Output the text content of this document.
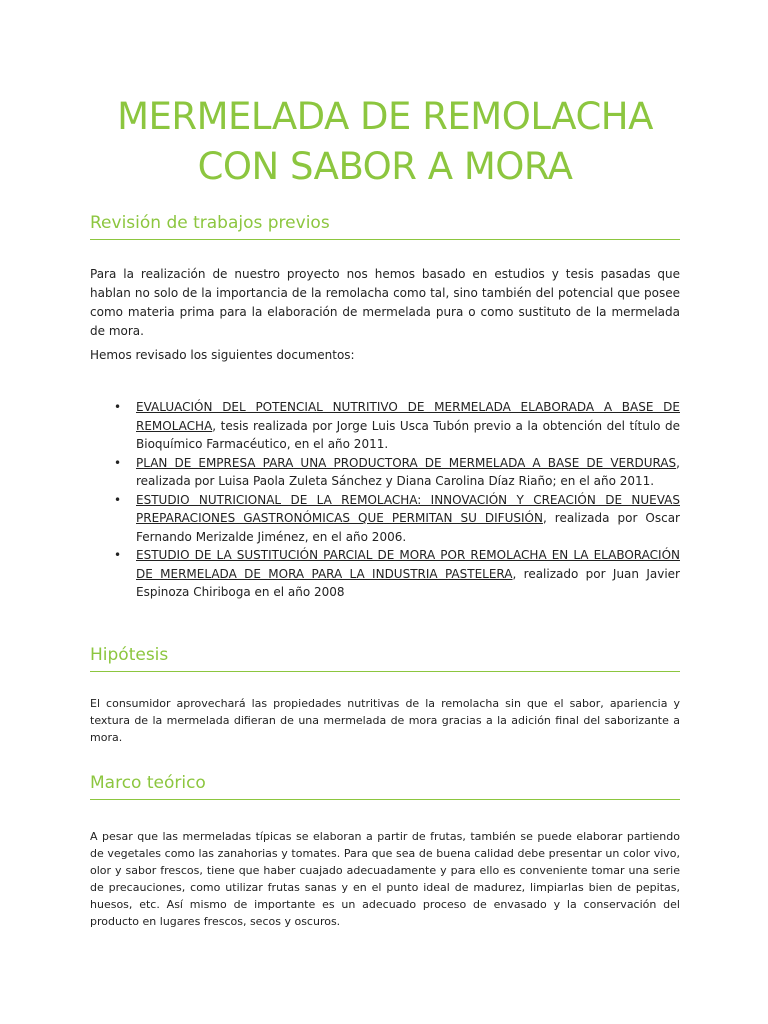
MERMELADA DE REMOLACHA CON SABOR A MORA
Revisión de trabajos previos

Para la realización de nuestro proyecto nos hemos basado en estudios y tesis pasadas que hablan no solo de la importancia de la remolacha como tal, sino también del potencial que posee como materia prima para la elaboración de mermelada pura o como sustituto de la mermelada de mora.

Hemos revisado los siguientes documentos:

• EVALUACIÓN DEL POTENCIAL NUTRITIVO DE MERMELADA ELABORADA A BASE DE REMOLACHA, tesis realizada por Jorge Luis Usca Tubón previo a la obtención del título de Bioquímico Farmacéutico, en el año 2011.
• PLAN DE EMPRESA PARA UNA PRODUCTORA DE MERMELADA A BASE DE VERDURAS, realizada por Luisa Paola Zuleta Sánchez y Diana Carolina Díaz Riaño; en el año 2011.
• ESTUDIO NUTRICIONAL DE LA REMOLACHA: INNOVACIÓN Y CREACIÓN DE NUEVAS PREPARACIONES GASTRONÓMICAS QUE PERMITAN SU DIFUSIÓN, realizada por Oscar Fernando Merizalde Jiménez, en el año 2006.
• ESTUDIO DE LA SUSTITUCIÓN PARCIAL DE MORA POR REMOLACHA EN LA ELABORACIÓN DE MERMELADA DE MORA PARA LA INDUSTRIA PASTELERA, realizado por Juan Javier Espinoza Chiriboga en el año 2008
Hipótesis

El consumidor aprovechará las propiedades nutritivas de la remolacha sin que el sabor, apariencia y textura de la mermelada difieran de una mermelada de mora gracias a la adición final del saborizante a mora.

Marco teórico

A pesar que las mermeladas típicas se elaboran a partir de frutas, también se puede elaborar partiendo de vegetales como las zanahorias y tomates. Para que sea de buena calidad debe presentar un color vivo, olor y sabor frescos, tiene que haber cuajado adecuadamente y para ello es conveniente tomar una serie de precauciones, como utilizar frutas sanas y en el punto ideal de madurez, limpiarlas bien de pepitas, huesos, etc. Así mismo de importante es un adecuado proceso de envasado y la conservación del producto en lugares frescos, secos y oscuros.
